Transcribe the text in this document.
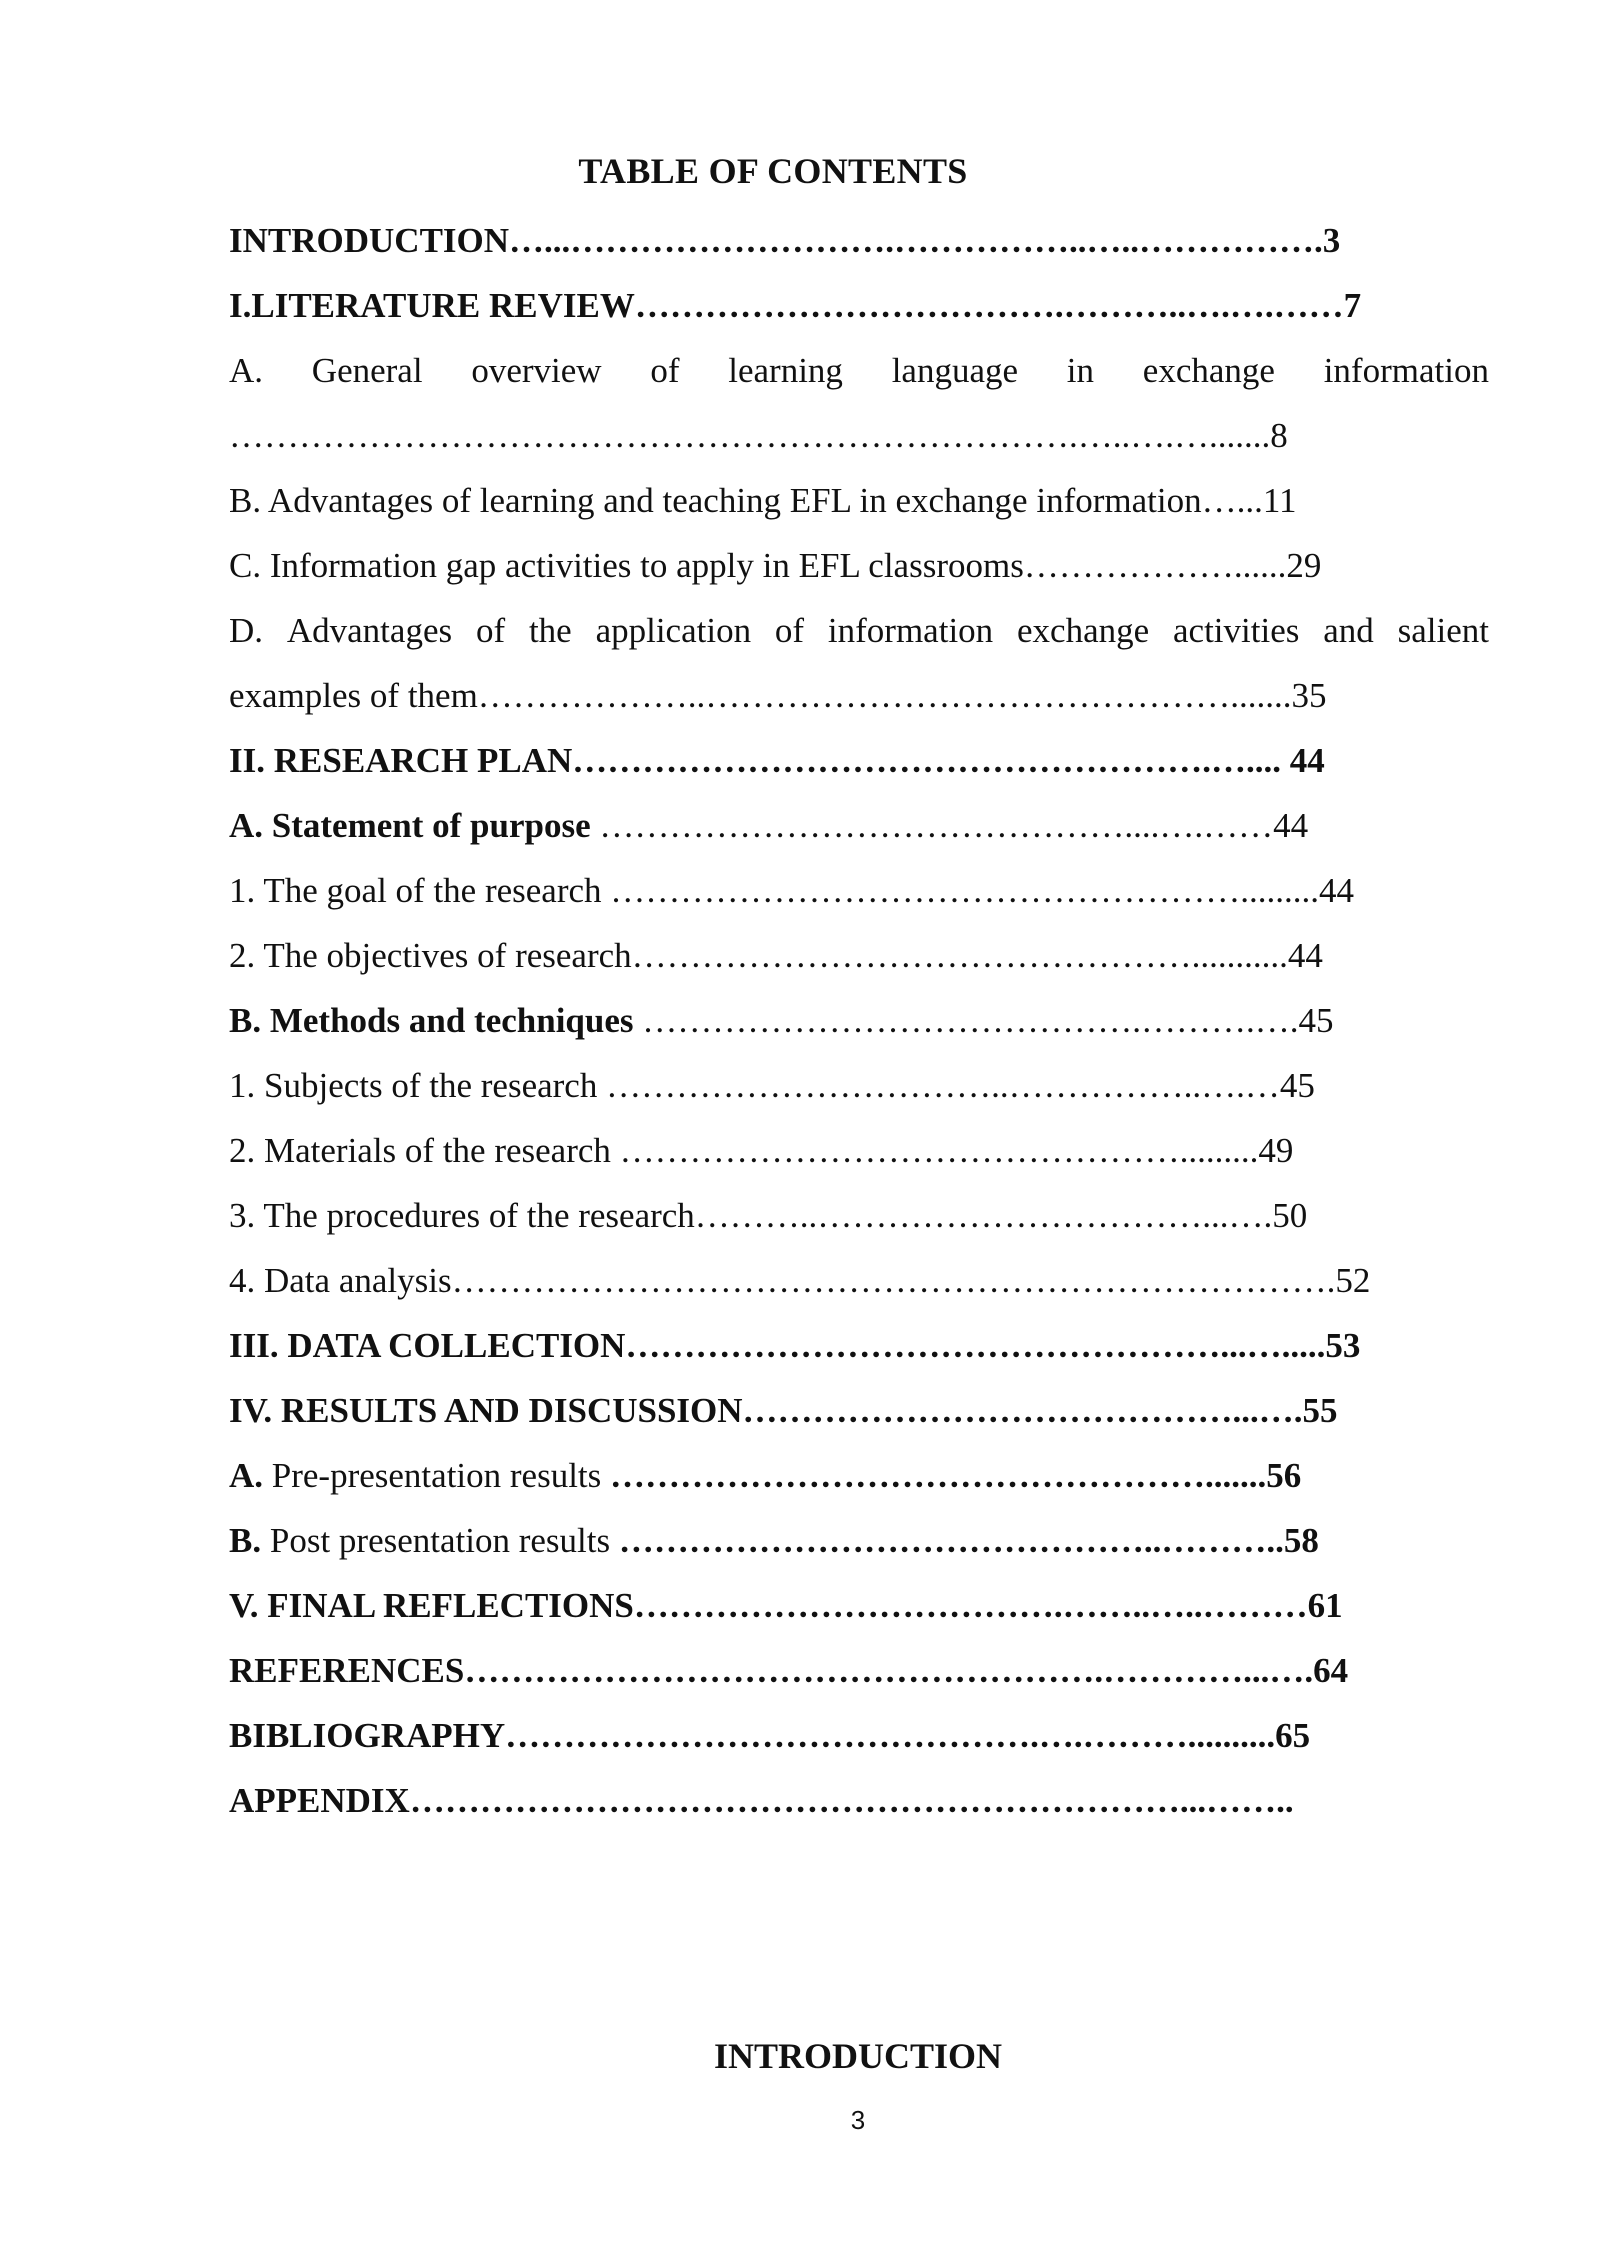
TABLE OF CONTENTS
INTRODUCTION…...……………………….……………..…..…………….3
I.LITERATURE REVIEW……………………………….………..….….……7
A. General overview of learning language in exchange information
……………………………………………………………….…..….….......8
B. Advantages of learning and teaching EFL in exchange information…...11
C. Information gap activities to apply in EFL classrooms………………......29
D. Advantages of the application of information exchange activities and salient
examples of them………………..……………………………………….......35
II. RESEARCH PLAN……………………………………………….….... 44
A. Statement of purpose ………………………………………....….……44
1. The goal of the research ……………………………………………….........44
2. The objectives of research…………………………………………...........44
B. Methods and techniques …………………………………….……….….45
1. Subjects of the research ……………………………..……………..….…45
2. Materials of the research ………………………………………….........49
3. The procedures of the research………..……………………………...….50
4. Data analysis………………………………………………………………….52
III. DATA COLLECTION……………………………………………...….....53
IV. RESULTS AND DISCUSSION……………………………………...….55
A. Pre-presentation results …………………………………………….......56
B. Post presentation results ………………………………………..………..58
V. FINAL REFLECTIONS……………………………….……..…..………61
REFERENCES……………………………………………….…………...….64
BIBLIOGRAPHY……………………………………….….………..........65
APPENDIX…………………………………………………………...……..
INTRODUCTION
3
